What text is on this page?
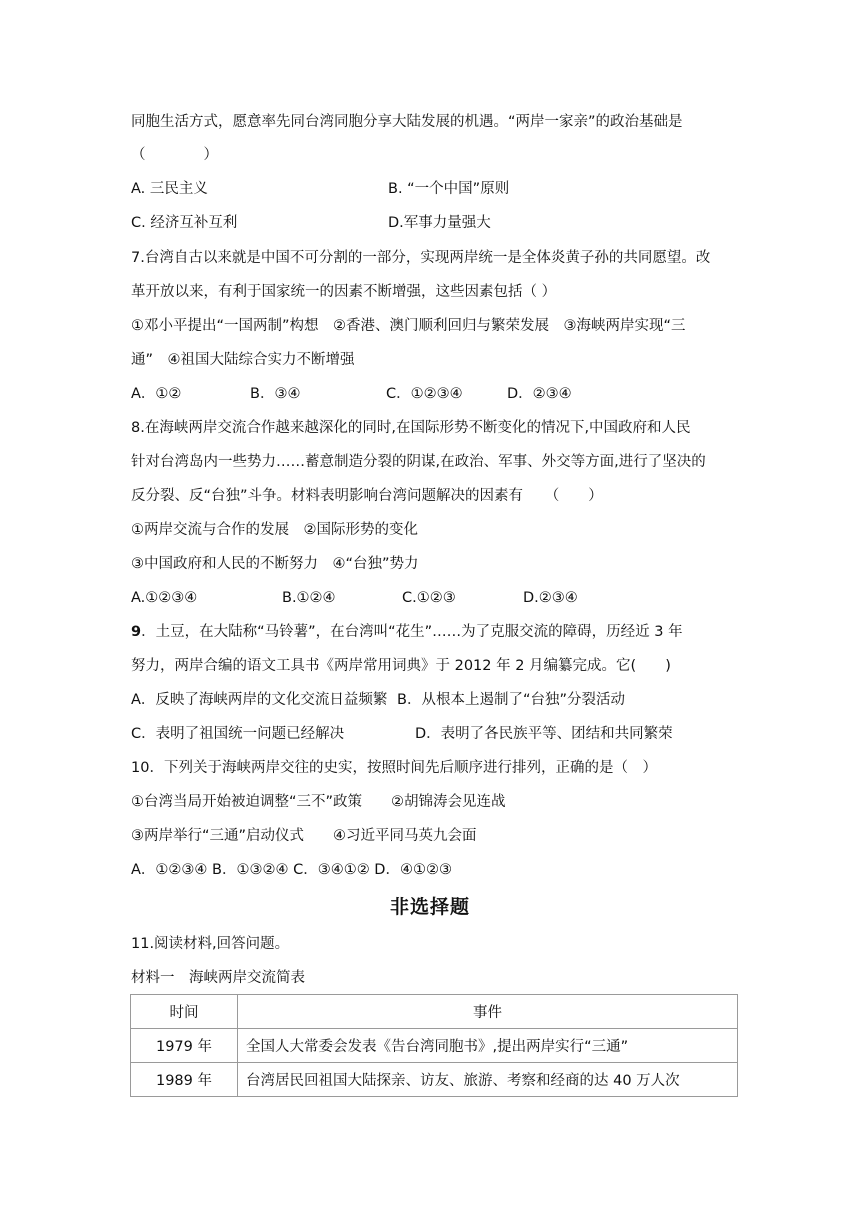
同胞生活方式，愿意率先同台湾同胞分享大陆发展的机遇。“两岸一家亲”的政治基础是
（　　　　）
A. 三民主义	B. “一个中国”原则
C. 经济互补互利	D.军事力量强大
7.台湾自古以来就是中国不可分割的一部分，实现两岸统一是全体炎黄子孙的共同愿望。改
革开放以来，有利于国家统一的因素不断增强，这些因素包括（ ）
①邓小平提出“一国两制”构想　②香港、澳门顺利回归与繁荣发展　③海峡两岸实现“三
通”　④祖国大陆综合实力不断增强
A．①②	B．③④	C．①②③④	D．②③④
8.在海峡两岸交流合作越来越深化的同时,在国际形势不断变化的情况下,中国政府和人民
针对台湾岛内一些势力……蓄意制造分裂的阴谋,在政治、军事、外交等方面,进行了坚决的
反分裂、反“台独”斗争。材料表明影响台湾问题解决的因素有　　（　　）
①两岸交流与合作的发展　②国际形势的变化
③中国政府和人民的不断努力　④“台独”势力
A.①②③④	B.①②④	C.①②③	D.②③④
9．土豆，在大陆称“马铃薯”，在台湾叫“花生”……为了克服交流的障碍，历经近 3 年
努力，两岸合编的语文工具书《两岸常用词典》于 2012 年 2 月编纂完成。它(　　)
A．反映了海峡两岸的文化交流日益频繁 B．从根本上遏制了“台独”分裂活动
C．表明了祖国统一问题已经解决	D．表明了各民族平等、团结和共同繁荣
10．下列关于海峡两岸交往的史实，按照时间先后顺序进行排列，正确的是（　）
①台湾当局开始被迫调整“三不”政策　　②胡锦涛会见连战
③两岸举行“三通”启动仪式　　④习近平同马英九会面
A．①②③④ B．①③②④ C．③④①② D．④①②③
非选择题
11.阅读材料,回答问题。
材料一　海峡两岸交流简表
时间	事件
1979 年	全国人大常委会发表《告台湾同胞书》,提出两岸实行“三通”
1989 年	台湾居民回祖国大陆探亲、访友、旅游、考察和经商的达 40 万人次
